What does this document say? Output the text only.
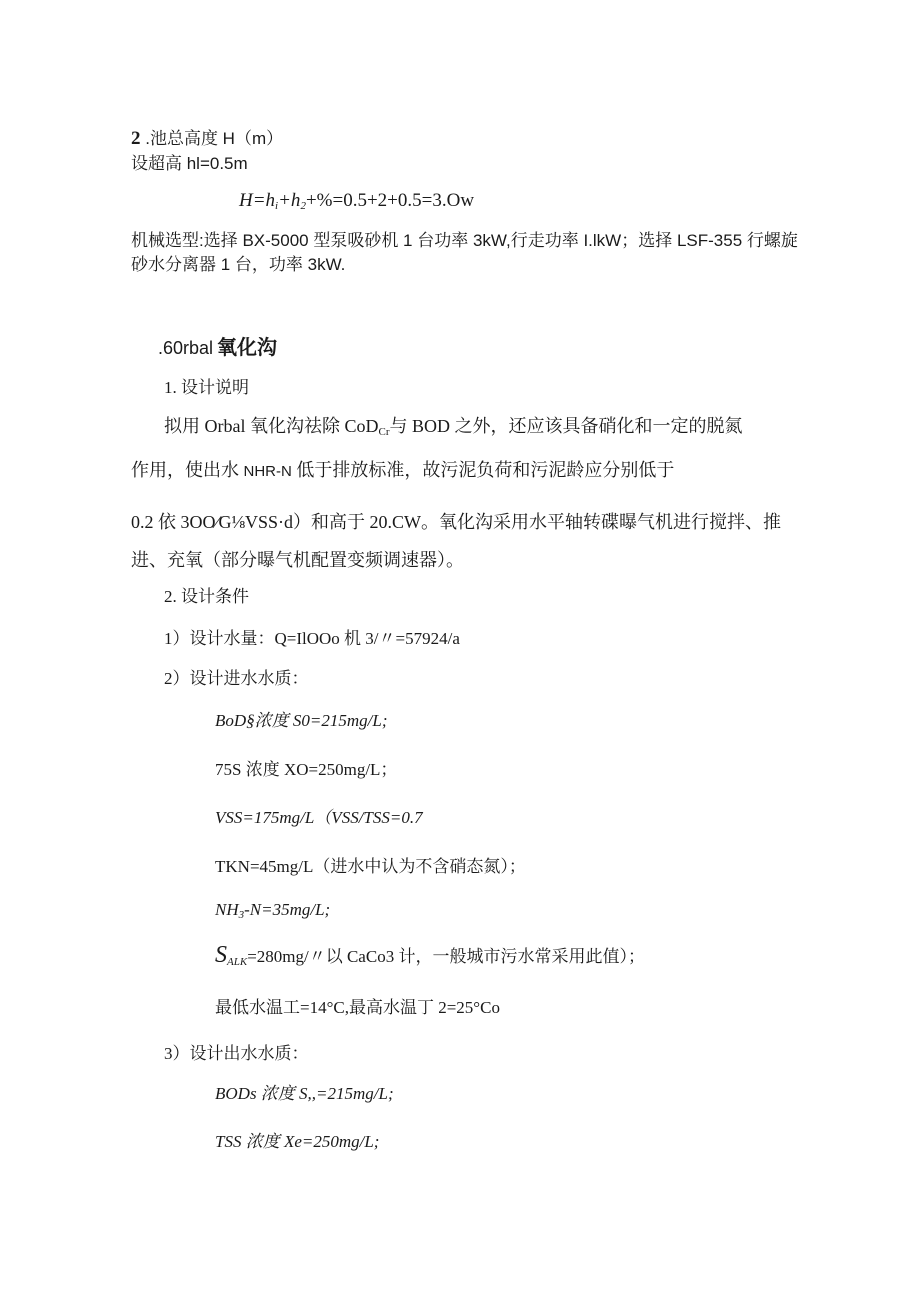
2 .池总高度 H（m）
设超高 hl=0.5m
$H=h_i+h_2+\%=0.5+2+0.5=3.Ow$
机械选型:选择 BX-5000 型泵吸砂机 1 台功率 3kW,行走功率 I.lkW；选择 LSF-355 行螺旋
砂水分离器 1 台，功率 3kW.
.60rbal 氧化沟
1. 设计说明
拟用 Orbal 氧化沟祛除 CoD$_{Cr}$与 BOD 之外，还应该具备硝化和一定的脱氮
作用，使出水 NHR-N 低于排放标准，故污泥负荷和污泥龄应分别低于
0.2 依 3OO∕G⅛VSS·d）和高于 20.CW。氧化沟采用水平轴转碟曝气机进行搅拌、推
进、充氧（部分曝气机配置变频调速器）。
2. 设计条件
1）设计水量：Q=IlOOo 机 3/〃=57924/a
2）设计进水水质：
BoD§浓度 S0=215mg/L;
75S 浓度 XO=250mg/L；
VSS=175mg/L（VSS/TSS=0.7
TKN=45mg/L（进水中认为不含硝态氮）；
$NH_3-N=35mg/L$;
$S_{ALK}=280mg/$〃以 CaCo3 计，一般城市污水常采用此值）；
最低水温工=14°C,最高水温丁 2=25°Co
3）设计出水水质：
BODs 浓度 S,,=215mg/L;
TSS 浓度 Xe=250mg/L;
